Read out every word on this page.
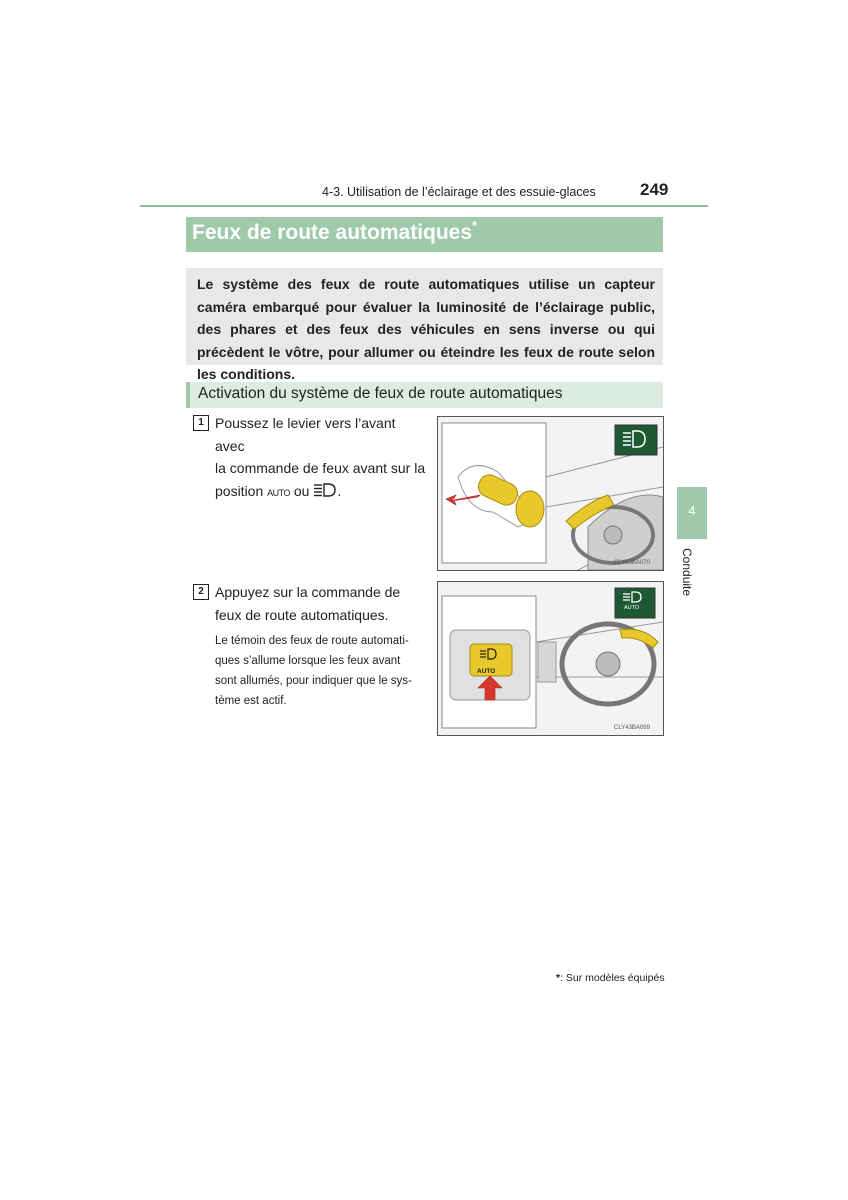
4-3. Utilisation de l’éclairage et des essuie-glaces	249
Feux de route automatiques*
Le système des feux de route automatiques utilise un capteur caméra embarqué pour évaluer la luminosité de l’éclairage public, des phares et des feux des véhicules en sens inverse ou qui précèdent le vôtre, pour allumer ou éteindre les feux de route selon les conditions.
Activation du système de feux de route automatiques
1 Poussez le levier vers l’avant avec
la commande de feux avant sur la
position AUTO ou .
CLY43BA070
2 Appuyez sur la commande de
feux de route automatiques.
Le témoin des feux de route automati-
ques s’allume lorsque les feux avant
sont allumés, pour indiquer que le sys-
tème est actif.
AUTO
AUTO
CLY43BA099
4
Conduite
*: Sur modèles équipés
